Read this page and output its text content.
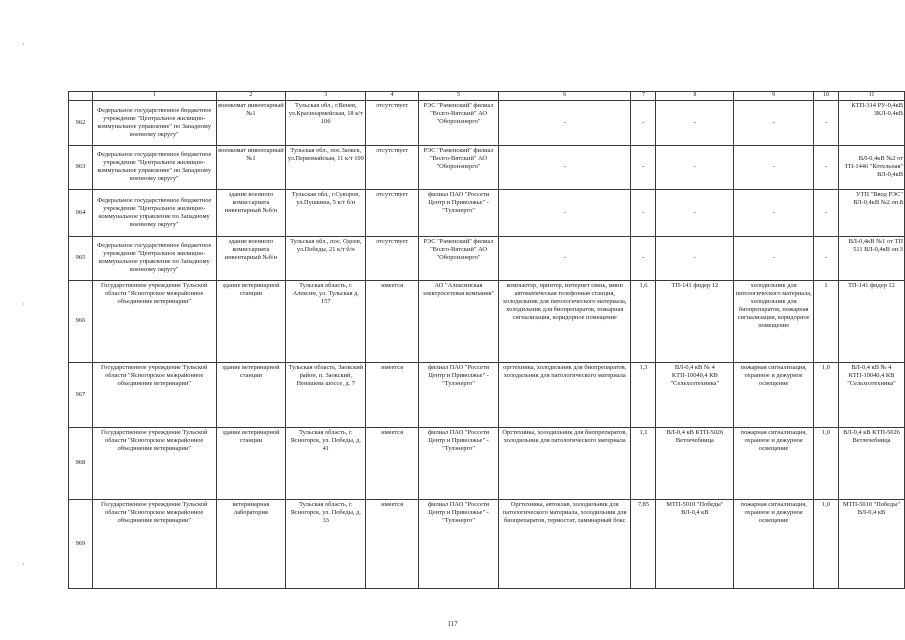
·
·
·
	1	2	3	4	5	6	7	8	9	10	11
962	Федеральное государственное бюджетное учреждение "Центральное жилищно-коммунальное управление" по Западному военному округу"	военкомат инвентарный №1	Тульская обл., г.Венев, ул.Красноармейская, 18 к/т 10б	отсутствует	РЭС "Раменский" филиал "Волго-Вятский" АО "Оборонэнерго"	-	-	-	-	-	КТП-314 РУ-0,4кВ ЗКЛ-0,4кВ
963	Федеральное государственное бюджетное учреждение "Центральное жилищно-коммунальное управление" по Западному военному округу"	военкомат инвентарный №1	Тульская обл., пос.Заокск, ул.Первомайская, 11 к/т 109	отсутствует	РЭС "Раменский" филиал "Волго-Вятский" АО "Оборонэнерго"	-	-	-	-	-	ВЛ-0,4кВ №2 от ТП-1446 "Котельная" ВЛ-0,4кВ
964	Федеральное государственное бюджетное учреждение "Центральное жилищно-коммунальное управление по Западному военному округу"	здание военного комиссариата инвентарный №б/н	Тульская обл., г.Суворов, ул.Пушкина, 5 к/т б/н	отсутствует	филиал ПАО "Россети Центр и Приволжье" - "Тулэнерго"	-	-	-	-	-	УТП "Ввод РЭС" ВЛ-0,4кВ №2 оп.8
965	Федеральное государственное бюджетное учреждение "Центральное жилищно-коммунальное управление по Западному военному округу"	здание военного комиссариата инвентарный №б/н	Тульская обл., пос. Одоев, ул.Победы, 21 к/т б/н	отсутствует	РЭС "Раменский" филиал "Волго-Вятский" АО "Оборонэнерго"	-	-	-	-	-	ВЛ-0,4кВ №1 от ТП 511 ВЛ-0,4кВ оп.3
966	Государственное учреждение Тульской области "Ясногорское межрайонное объединение ветеринарии"	здание ветеринарной станции	Тульская область, г. Алексин, ул. Тульская д. 157	имеется	АО "Алексинская электросетевая компания"	компьютер, принтер, интернет связь, мини автоматическая телефонная станция, холодильник для патологического материала, холодильник для биопрепаратов, пожарная сигнализация, коридорное помещение	1,6	ТП-141 фидер 12	холодильник для патологического материала, холодильник для биопрепаратов, пожарная сигнализация, коридорное помещение	1	ТП-141 фидер 12
967	Государственное учреждение Тульской области "Ясногорское межрайонное объединение ветеринарии"	здание ветеринарной станции	Тульская область, Заокский район, п. Заокский, Ненашева шоссе, д. 7	имеется	филиал ПАО "Россети Центр и Приволжье" - "Тулэнерго"	оргтехника, холодильник для биопрепаратов, холодильник для патологического материала	1,3	ВЛ-0,4 кВ № 4 КТП-10040,4 КВ "Сельхозтехника"	пожарная сигнализация, охранное и дежурное освещение	1,0	ВЛ-0,4 кВ № 4 КТП-10040,4 КВ "Сельхозтехника"
968	Государственное учреждение Тульской области "Ясногорское межрайонное объединение ветеринарии"	здание ветеринарной станции	Тульская область, г. Ясногорск, ул. Победы, д. 41	имеется	филиал ПАО "Россети Центр и Приволжье" - "Тулэнерго"	Оргтехника, холодильник для биопрепаратов, холодильник для патологического материала	1,1	ВЛ-0,4 кВ КТП-5026 Ветлечебница	пожарная сигнализация, охранное и дежурное освещение	1,0	ВЛ-0,4 кВ КТП-5026 Ветлечебница
969	Государственное учреждение Тульской области "Ясногорское межрайонное объединение ветеринарии"	ветеринарная лаборатория	Тульская область, г. Ясногорск, ул. Победы, д. 33	имеется	филиал ПАО "Россети Центр и Приволжье" - "Тулэнерго"	Оргтехника, автоклав, холодильник для патологического материала, холодильник для биопрепаратов, термостат, ламинарный бокс	7,85	МТП-5010 "Победы" ВЛ-0,4 кВ	пожарная сигнализация, охранное и дежурное освещение	1,0	МТП-5010 "Победы" ВЛ-0,4 кВ
117
